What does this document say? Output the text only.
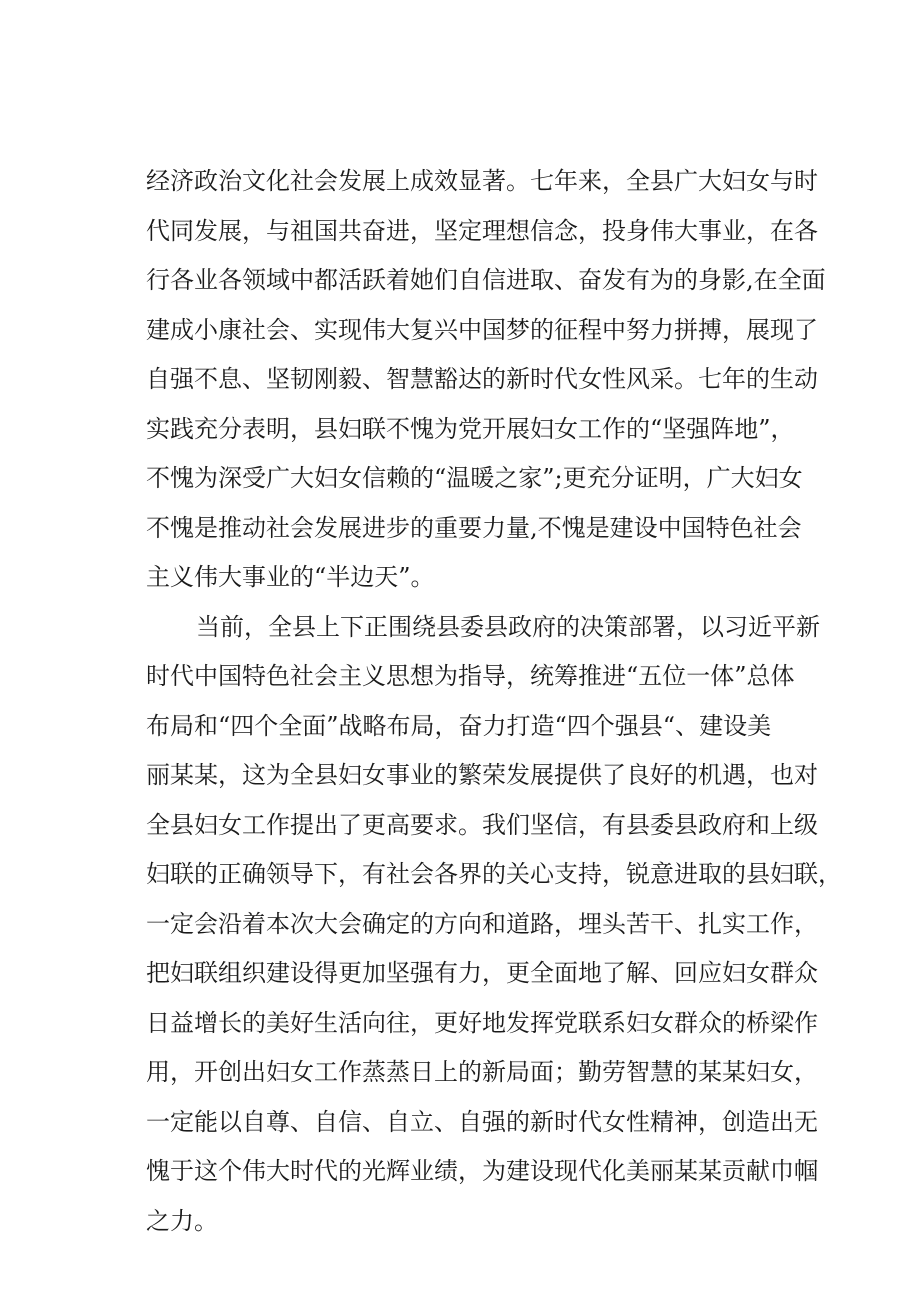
经济政治文化社会发展上成效显著。七年来，全县广大妇女与时
代同发展，与祖国共奋进，坚定理想信念，投身伟大事业，在各
行各业各领域中都活跃着她们自信进取、奋发有为的身影,在全面
建成小康社会、实现伟大复兴中国梦的征程中努力拼搏，展现了
自强不息、坚韧刚毅、智慧豁达的新时代女性风采。七年的生动
实践充分表明，县妇联不愧为党开展妇女工作的“坚强阵地”，
不愧为深受广大妇女信赖的“温暖之家”;更充分证明，广大妇女
不愧是推动社会发展进步的重要力量,不愧是建设中国特色社会
主义伟大事业的“半边天”。
当前，全县上下正围绕县委县政府的决策部署，以习近平新
时代中国特色社会主义思想为指导，统筹推进“五位一体”总体
布局和“四个全面”战略布局，奋力打造“四个强县“、建设美
丽某某，这为全县妇女事业的繁荣发展提供了良好的机遇，也对
全县妇女工作提出了更高要求。我们坚信，有县委县政府和上级
妇联的正确领导下，有社会各界的关心支持，锐意进取的县妇联，
一定会沿着本次大会确定的方向和道路，埋头苦干、扎实工作，
把妇联组织建设得更加坚强有力，更全面地了解、回应妇女群众
日益增长的美好生活向往，更好地发挥党联系妇女群众的桥梁作
用，开创出妇女工作蒸蒸日上的新局面；勤劳智慧的某某妇女，
一定能以自尊、自信、自立、自强的新时代女性精神，创造出无
愧于这个伟大时代的光辉业绩，为建设现代化美丽某某贡献巾帼
之力。
